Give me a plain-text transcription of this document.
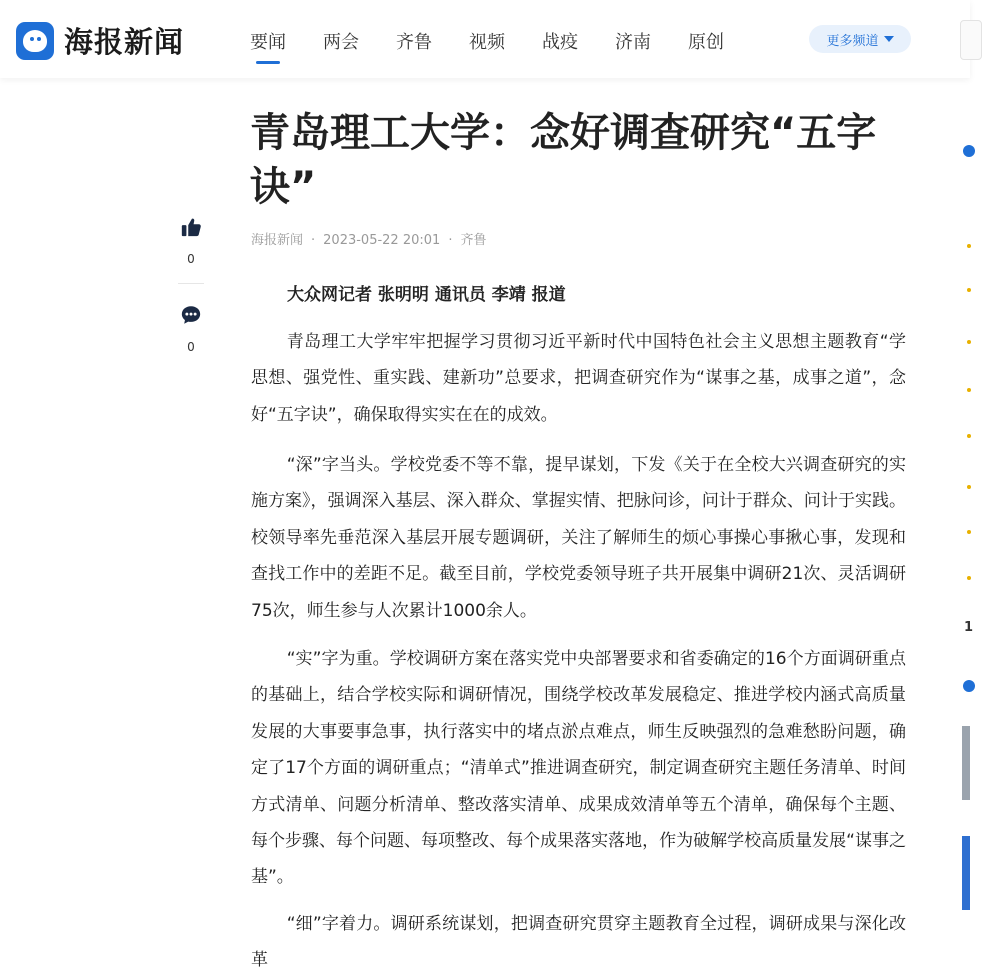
海报新闻	要闻 两会 齐鲁 视频 战疫 济南 原创	更多频道
0
0
青岛理工大学：念好调查研究“五字诀”
海报新闻 · 2023-05-22 20:01 · 齐鲁
大众网记者 张明明 通讯员 李靖 报道

青岛理工大学牢牢把握学习贯彻习近平新时代中国特色社会主义思想主题教育“学思想、强党性、重实践、建新功”总要求，把调查研究作为“谋事之基，成事之道”，念好“五字诀”，确保取得实实在在的成效。

“深”字当头。学校党委不等不靠，提早谋划，下发《关于在全校大兴调查研究的实施方案》，强调深入基层、深入群众、掌握实情、把脉问诊，问计于群众、问计于实践。校领导率先垂范深入基层开展专题调研，关注了解师生的烦心事操心事揪心事，发现和查找工作中的差距不足。截至目前，学校党委领导班子共开展集中调研21次、灵活调研75次，师生参与人次累计1000余人。

“实”字为重。学校调研方案在落实党中央部署要求和省委确定的16个方面调研重点的基础上，结合学校实际和调研情况，围绕学校改革发展稳定、推进学校内涵式高质量发展的大事要事急事，执行落实中的堵点淤点难点，师生反映强烈的急难愁盼问题，确定了17个方面的调研重点；“清单式”推进调查研究，制定调查研究主题任务清单、时间方式清单、问题分析清单、整改落实清单、成果成效清单等五个清单，确保每个主题、每个步骤、每个问题、每项整改、每个成果落实落地，作为破解学校高质量发展“谋事之基”。

“细”字着力。调研系统谋划，把调查研究贯穿主题教育全过程，调研成果与深化改革

1
